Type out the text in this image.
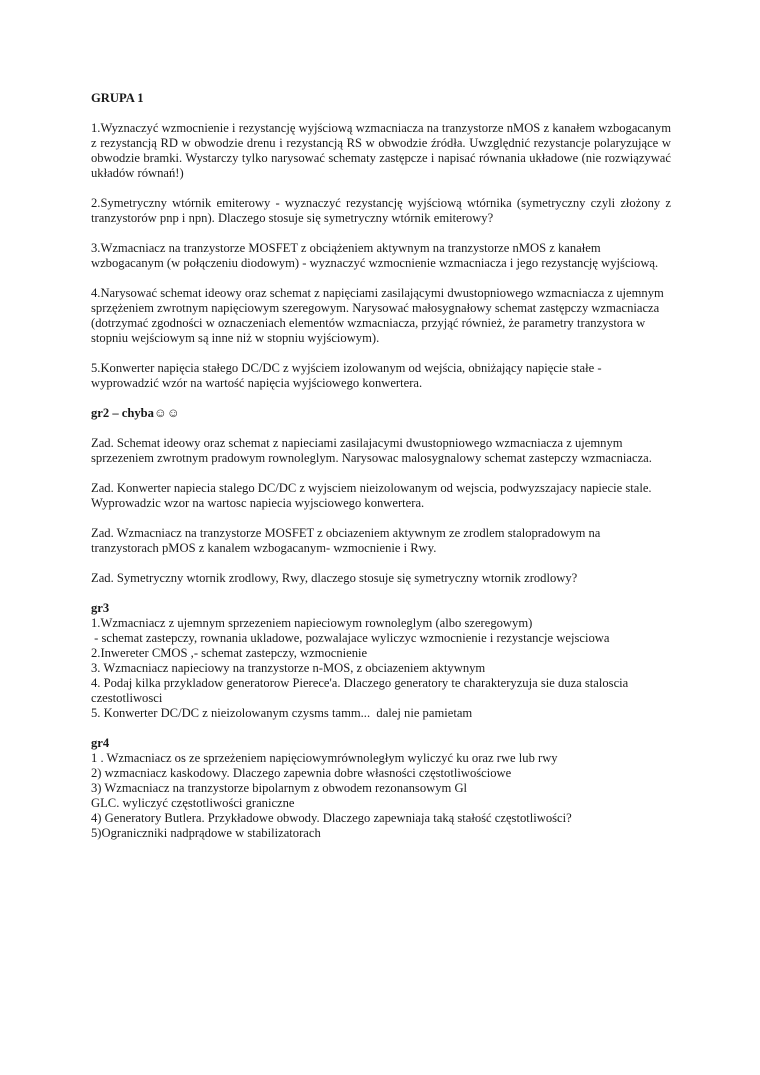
GRUPA 1

1.Wyznaczyć wzmocnienie i rezystancję wyjściową wzmacniacza na tranzystorze nMOS z kanałem wzbogacanym z rezystancją RD w obwodzie drenu i rezystancją RS w obwodzie źródła. Uwzględnić rezystancje polaryzujące w obwodzie bramki. Wystarczy tylko narysować schematy zastępcze i napisać równania układowe (nie rozwiązywać układów równań!)

2.Symetryczny wtórnik emiterowy - wyznaczyć rezystancję wyjściową wtórnika (symetryczny czyli złożony z tranzystorów pnp i npn). Dlaczego stosuje się symetryczny wtórnik emiterowy?

3.Wzmacniacz na tranzystorze MOSFET z obciążeniem aktywnym na tranzystorze nMOS z kanałem wzbogacanym (w połączeniu diodowym) - wyznaczyć wzmocnienie wzmacniacza i jego rezystancję wyjściową.

4.Narysować schemat ideowy oraz schemat z napięciami zasilającymi dwustopniowego wzmacniacza z ujemnym sprzężeniem zwrotnym napięciowym szeregowym. Narysować małosygnałowy schemat zastępczy wzmacniacza (dotrzymać zgodności w oznaczeniach elementów wzmacniacza, przyjąć również, że parametry tranzystora w stopniu wejściowym są inne niż w stopniu wyjściowym).

5.Konwerter napięcia stałego DC/DC z wyjściem izolowanym od wejścia, obniżający napięcie stałe - wyprowadzić wzór na wartość napięcia wyjściowego konwertera.

gr2 – chyba☺☺

Zad. Schemat ideowy oraz schemat z napieciami zasilajacymi dwustopniowego wzmacniacza z ujemnym sprzezeniem zwrotnym pradowym rownoleglym. Narysowac malosygnalowy schemat zastepczy wzmacniacza.

Zad. Konwerter napiecia stalego DC/DC z wyjsciem nieizolowanym od wejscia, podwyzszajacy napiecie stale. Wyprowadzic wzor na wartosc napiecia wyjsciowego konwertera.

Zad. Wzmacniacz na tranzystorze MOSFET z obciazeniem aktywnym ze zrodlem stalopradowym na tranzystorach pMOS z kanalem wzbogacanym- wzmocnienie i Rwy.

Zad. Symetryczny wtornik zrodlowy, Rwy, dlaczego stosuje się symetryczny wtornik zrodlowy?

gr3

1.Wzmacniacz z ujemnym sprzezeniem napieciowym rownoleglym (albo szeregowym)

- schemat zastepczy, rownania ukladowe, pozwalajace wyliczyc wzmocnienie i rezystancje wejsciowa

2.Inwereter CMOS ,- schemat zastepczy, wzmocnienie

3. Wzmacniacz napieciowy na tranzystorze n-MOS, z obciazeniem aktywnym

4. Podaj kilka przykladow generatorow Pierece'a. Dlaczego generatory te charakteryzuja sie duza staloscia czestotliwosci

5. Konwerter DC/DC z nieizolowanym czysms tamm...  dalej nie pamietam

gr4

1 . Wzmacniacz os ze sprzeżeniem napięciowymrównoległym wyliczyć ku oraz rwe lub rwy

2) wzmacniacz kaskodowy. Dlaczego zapewnia dobre własności częstotliwościowe

3) Wzmacniacz na tranzystorze bipolarnym z obwodem rezonansowym Gl

GLC. wyliczyć częstotliwości graniczne

4) Generatory Butlera. Przykładowe obwody. Dlaczego zapewniaja taką stałość częstotliwości?

5)Ogranicznikі nadprądowe w stabilizatorach
